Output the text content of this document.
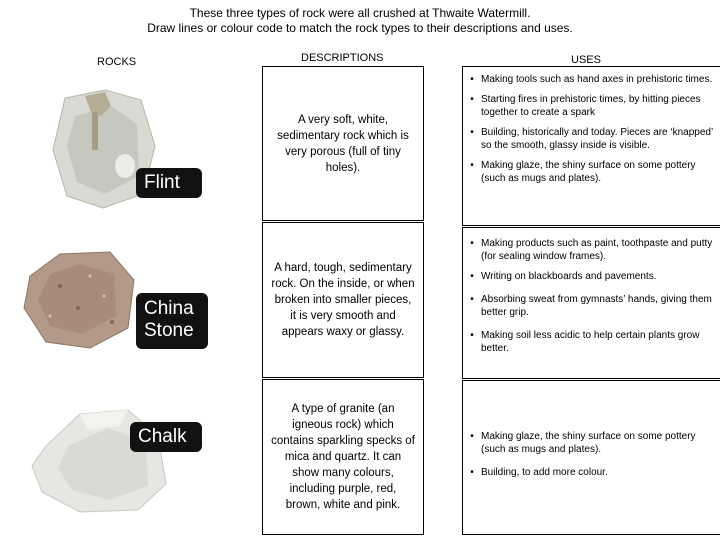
These three types of rock were all crushed at Thwaite Watermill.
Draw lines or colour code to match the rock types to their descriptions and uses.
ROCKS	DESCRIPTIONS	USES
Flint
China
Stone
Chalk
A very soft, white, sedimentary rock which is very porous (full of tiny holes).
A hard, tough, sedimentary rock. On the inside, or when broken into smaller pieces, it is very smooth and appears waxy or glassy.
A type of granite (an igneous rock) which contains sparkling specks of mica and quartz. It can show many colours, including purple, red, brown, white and pink.
• Making tools such as hand axes in prehistoric times.
• Starting fires in prehistoric times, by hitting pieces together to create a spark
• Building, historically and today. Pieces are ‘knapped’ so the smooth, glassy inside is visible.
• Making glaze, the shiny surface on some pottery (such as mugs and plates).
• Making products such as paint, toothpaste and putty (for sealing window frames).
• Writing on blackboards and pavements.
• Absorbing sweat from gymnasts’ hands, giving them better grip.
• Making soil less acidic to help certain plants grow better.
• Making glaze, the shiny surface on some pottery (such as mugs and plates).
• Building, to add more colour.
